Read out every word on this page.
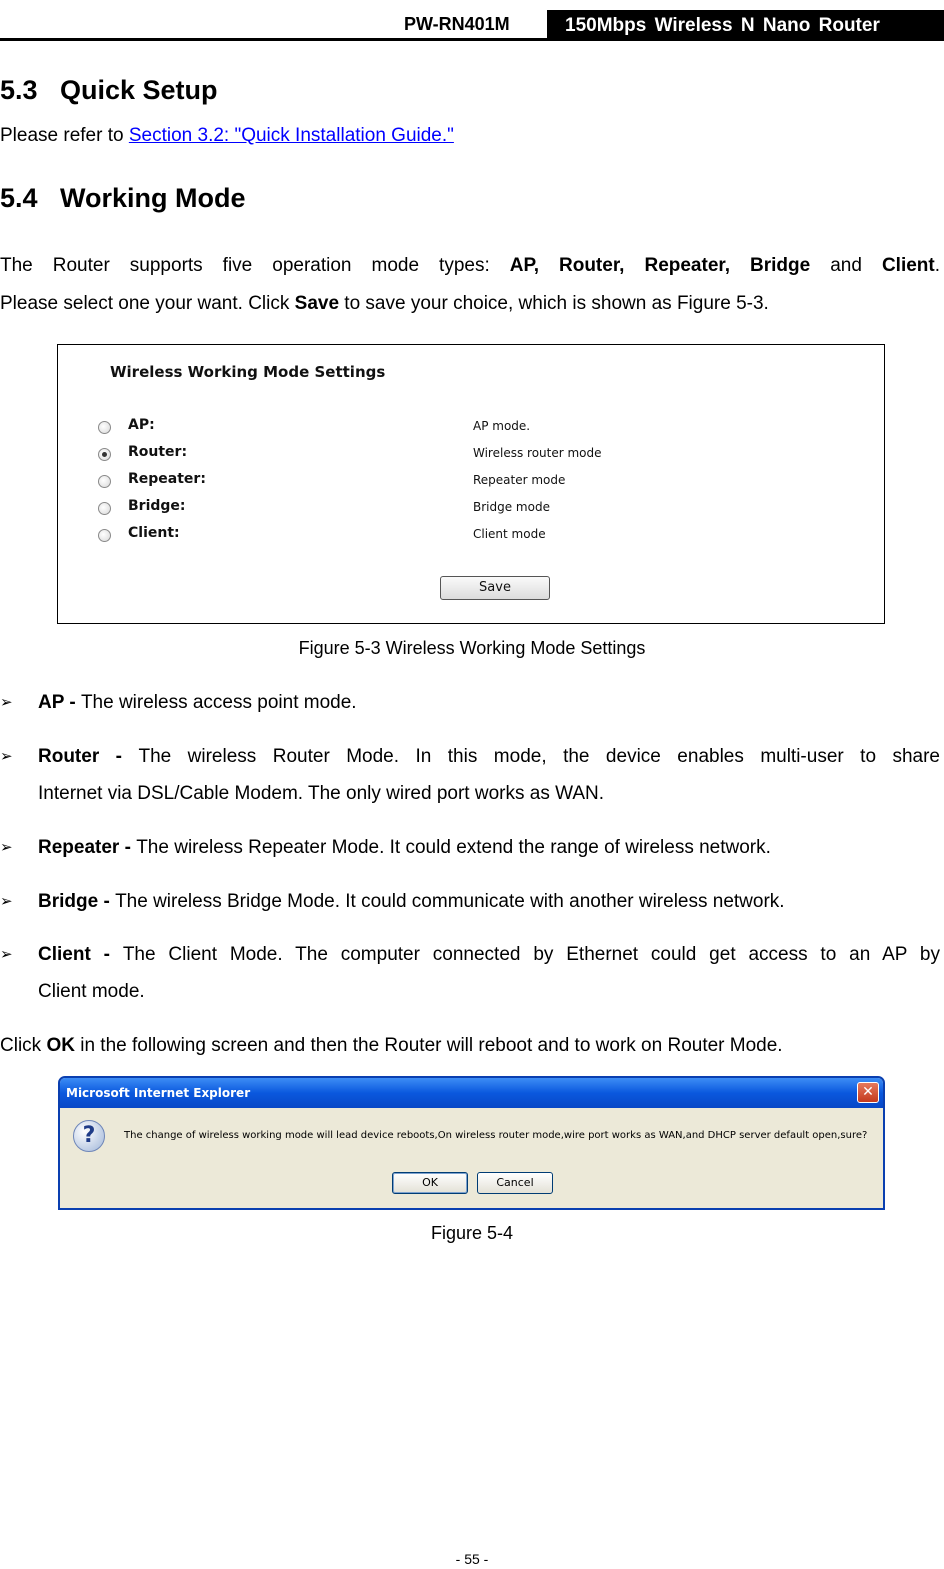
PW-RN401M	150Mbps Wireless N Nano Router
5.3 Quick Setup
Please refer to Section 3.2: "Quick Installation Guide."
5.4 Working Mode
The Router supports five operation mode types: AP, Router, Repeater, Bridge and Client.
Please select one your want. Click Save to save your choice, which is shown as Figure 5-3.
Wireless Working Mode Settings
AP:	AP mode.
Router:	Wireless router mode
Repeater:	Repeater mode
Bridge:	Bridge mode
Client:	Client mode
Save
Figure 5-3 Wireless Working Mode Settings
➢ AP - The wireless access point mode.
➢ Router - The wireless Router Mode. In this mode, the device enables multi-user to share
Internet via DSL/Cable Modem. The only wired port works as WAN.
➢ Repeater - The wireless Repeater Mode. It could extend the range of wireless network.
➢ Bridge - The wireless Bridge Mode. It could communicate with another wireless network.
➢ Client - The Client Mode. The computer connected by Ethernet could get access to an AP by
Client mode.
Click OK in the following screen and then the Router will reboot and to work on Router Mode.
Microsoft Internet Explorer	✕
?	The change of wireless working mode will lead device reboots,On wireless router mode,wire port works as WAN,and DHCP server default open,sure?
OK	Cancel
Figure 5-4
- 55 -
